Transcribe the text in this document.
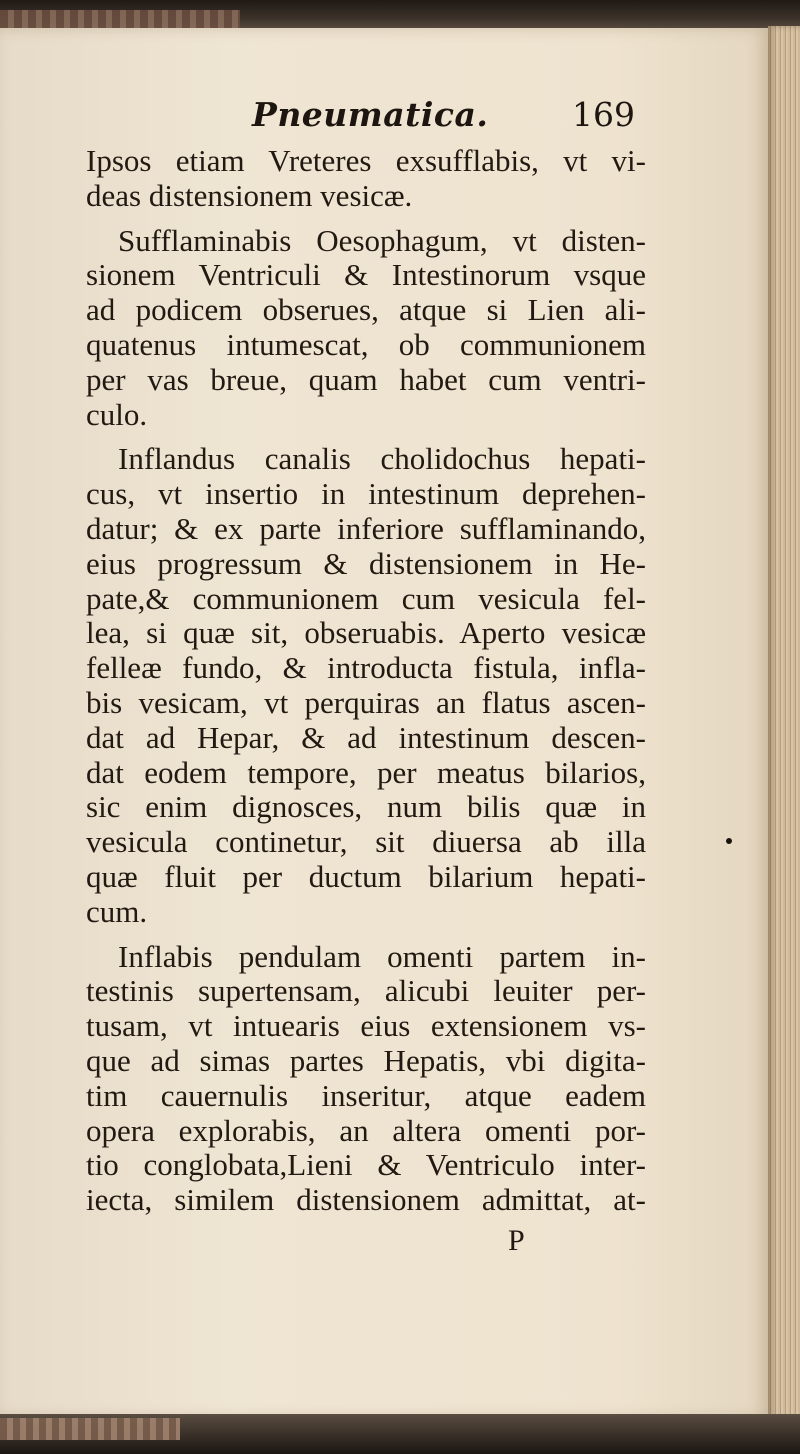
Pneumatica.	169
Ipsos etiam Vreteres exsufflabis, vt vi-
deas distensionem vesicæ.
Sufflaminabis Oesophagum, vt disten-
sionem Ventriculi & Intestinorum vsque
ad podicem obserues, atque si Lien ali-
quatenus intumescat, ob communionem
per vas breue, quam habet cum ventri-
culo.
Inflandus canalis cholidochus hepati-
cus, vt insertio in intestinum deprehen-
datur; & ex parte inferiore sufflaminando,
eius progressum & distensionem in He-
pate,& communionem cum vesicula fel-
lea, si quæ sit, obseruabis. Aperto vesicæ
felleæ fundo, & introducta fistula, infla-
bis vesicam, vt perquiras an flatus ascen-
dat ad Hepar, & ad intestinum descen-
dat eodem tempore, per meatus bilarios,
sic enim dignosces, num bilis quæ in
vesicula continetur, sit diuersa ab illa
quæ fluit per ductum bilarium hepati-
cum.
Inflabis pendulam omenti partem in-
testinis supertensam, alicubi leuiter per-
tusam, vt intuearis eius extensionem vs-
que ad simas partes Hepatis, vbi digita-
tim cauernulis inseritur, atque eadem
opera explorabis, an altera omenti por-
tio conglobata,Lieni & Ventriculo inter-
iecta, similem distensionem admittat, at-
P
